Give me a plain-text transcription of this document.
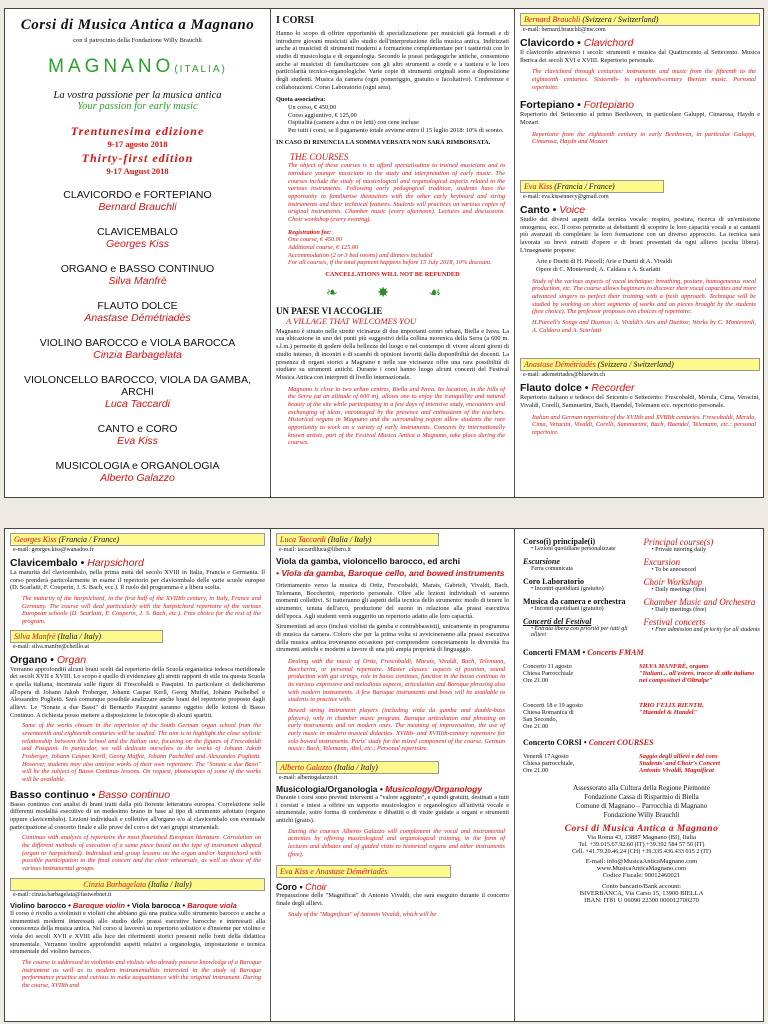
Corsi di Musica Antica a Magnano
con il patrocinio della Fondazione Willy Brauchli
MAGNANO(ITALIA)
La vostra passione per la musica antica
Your passion for early music
Trentunesima edizione
9-17 agosto 2018
Thirty-first edition
9-17 August 2018
CLAVICORDO e FORTEPIANO
Bernard Brauchli
CLAVICEMBALO
Georges Kiss
ORGANO e BASSO CONTINUO
Silva Manfrè
FLAUTO DOLCE
Anastase Démétriadès
VIOLINO BAROCCO e VIOLA BAROCCA
Cinzia Barbagelata
VIOLONCELLO BAROCCO, VIOLA DA GAMBA, ARCHI
Luca Taccardi
CANTO e CORO
Eva Kiss
MUSICOLOGIA e ORGANOLOGIA
Alberto Galazzo
I CORSI
Hanno lo scopo di offrire opportunità di specializzazione per musicisti già formati e di introdurre giovani musicisti allo studio dell'interpretazione della musica antica. Indirizzati anche ai musicisti di strumenti moderni a formazione complementare per i tastieristi con lo studio di musicologia e di organologia. Secondo le prassi pedagogiche antiche, consentono anche ai musicisti di familiarizzare con gli altri strumenti a corde e a tastiera e le loro particolarità tecnico-organologiche. Varie copie di strumenti originali sono a disposizione degli studenti. Musica da camera (ogni pomeriggio, gratuito e facoltativo). Conferenze e collaborazioni. Corso Laboratorio (ogni sera).
Quota associativa:
Un corso, € 450,00
Corso aggiuntivo, € 125,00
Ospitalità (camere a due o tre letti) con cene incluse
Per tutti i corsi, se il pagamento totale avviene entro il 15 luglio 2018: 10% di sconto.
IN CASO DI RINUNCIA LA SOMMA VERSATA NON SARÀ RIMBORSATA.
THE COURSES
The object of these courses is to afford specialisation to trained musicians and to introduce younger musicians to the study and interpretation of early music. The courses include the study of musicological and organological aspects related to the various instruments. Following early pedagogical tradition, students have the opportunity to familiarise themselves with the other early keyboard and string instruments and their technical features. Students will practices on various copies of original instruments. Chamber music (every afternoon). Lectures and discussions. Choir workshop (every evening).
Registration fee:
One course, € 450.00
Additional course, € 125.00
Accommodation (2 or 3 bed rooms) and dinners included
For all courses, if the total payment happens before 15 July 2018, 10% discount.
CANCELLATIONS WILL NOT BE REFUNDED
❧ ✸ ☙
UN PAESE VI ACCOGLIE
A VILLAGE THAT WELCOMES YOU
Magnano è situato nelle strette vicinanze di due importanti centri urbani, Biella e Ivrea. La sua ubicazione in uno dei punti più suggestivi della collina morenica della Serra (a 600 m. s.l.m.) permette di godere della bellezza del luogo e nel contempo di vivere alcuni giorni di studio intenso, di incontri e di scambi di opinioni favoriti dalla disponibilità dei docenti. La presenza di organi storici a Magnano e nelle sue vicinanze offre una rara possibilità di studiare su strumenti antichi. Durante i corsi hanno luogo alcuni concerti del Festival Musica Antica con interpreti di livello internazionale.
Magnano is close to two urban centres, Biella and Ivrea. Its location, in the hills of the Serra (at an altitude of 600 m), allows one to enjoy the tranquillity and natural beauty of the site while participating in a few days of intensive study, encounters and exchanging of ideas, encouraged by the presence and enthusiasm of the teachers. Historical organs in Magnano and the surrounding region allow students the rare opportunity to work on a variety of early instruments. Concerts by internationally known artists, part of the Festival Musica Antica a Magnano, take place during the courses.
Bernard Brauchli (Svizzera / Switzerland)
e-mail: bernard.brauchli@me.com
Clavicordo • Clavichord
Il clavicordo attraverso i secoli: strumenti e musica dal Quattrocento al Settecento. Musica Iberica dei secoli XVI e XVIII. Repertorio personale.
The clavichord through centuries: instruments and music from the fifteenth to the eighteenth centuries. Sixteenth- to eighteenth-century Iberian music. Personal repertoire.
Fortepiano • Fortepiano
Repertorio del Settecento al primo Beethoven, in particolare Galuppi, Cimarosa, Haydn e Mozart
Repertoire from the eighteenth century to early Beethoven, in particular Galuppi, Cimarosa, Haydn and Mozart
Eva Kiss (Francia / France)
e-mail: eva.kissennecy@gmail.com
Canto • Voice
Studio dei diversi aspetti della tecnica vocale: respiro, postura, ricerca di un'emissione omogenea, ecc. Il corso permette ai debuttanti di scoprire le loro capacità vocali e ai cantanti più avanzati di completare la loro formazione con un diverso approccio. La tecnica sarà lavorata su brevi estratti d'opere e di brani presentati da ogni allievo (scelta libera). L'insegnante propone:
Arie e Duetti di H. Purcell; Arie e Duetti di A. Vivaldi
Opere di C. Monteverdi, A. Caldara e A. Scarlatti
Study of the various aspects of vocal technique: breathing, posture, homogeneous vocal production, etc. The course allows beginners to discover their vocal capacities and more advanced singers to perfect their training with a fresh approach. Technique will be studied by working on short segments of works and on pieces brought by the students (free choice). The professor proposes two choices of repertoire:
H.Purcell's Songs and Duettos; A. Vivaldi's Airs and Duettos; Works by C. Monteverdi, A. Caldara and A. Scarlatti
Anastase Démétriadès (Svizzera / Switzerland)
e-mail: ademetriades@bluewin.ch
Flauto dolce • Recorder
Repertorio italiano e tedesco del Seicento e Settecento: Frescobaldi, Merula, Cima, Veracini, Vivaldi, Corelli, Sammartini, Bach, Haendel, Telemann ecc. repertorio personale.
Italian and German repertoire of the XVIIth and XVIIIth centuries. Frescobaldi, Merula, Cima, Veracini, Vivaldi, Corelli, Sammartini, Bach, Haendel, Telemann, etc.: personal repertoire.
Georges Kiss (Francia / France)
e-mail: georges.kiss@wanadoo.fr
Clavicembalo • Harpsichord
La maturità del clavicembalo, nella prima metà del secolo XVIII in Italia, Francia e Germania. Il corso prenderà particolarmente in esame il repertorio per clavicembalo delle varie scuole europee (D. Scarlatti, F. Couperin, J. S. Bach, ecc.). Il ruolo del programma è a libera scelta.
The maturity of the harpsichord, in the first half of the XVIIIth century, in Italy, France and Germany. The course will deal particularly with the harpsichord repertoire of the various European schools (D. Scarlatti, F. Couperin, J. S. Bach, etc.). Free choice for the rest of the program.
Silva Manfrè (Italia / Italy)
e-mail: silva.manfre@cheillo.at
Organo • Organ
Verranno approfonditi alcuni brani scelti dal repertorio della Scuola organistica tedesca meridionale dei secoli XVII e XVIII. Lo scopo è quello di evidenziare gli stretti rapporti di stile tra questa Scuola e quella italiana, incentrata sulle figure di Frescobaldi e Pasquini. In particolare ci dedicheremo all'opera di Johann Jakob Froberger, Johann Caspar Kerll, Georg Muffat, Johann Pachelbel e Alessandro Poglietti. Sarà comunque possibile analizzare anche brani del repertorio proposto dagli allievi. Le "Sonate a due Bassi" di Bernardo Pasquini saranno oggetto delle lezioni di Basso Continuo. A richiesta posso mettere a disposizione le fotocopie di alcuni spartiti.
Some of the works chosen in the repertoire of the South German organ school from the seventeenth and eighteenth centuries will be studied. The aim is to highlight the close stylistic relationship between this School and the Italian one, focusing on the figures of Frescobaldi and Pasquini. In particular, we will dedicate ourselves to the works of Johann Jakob Froberger, Johann Caspar Kerll, Georg Muffat, Johann Pachelbel and Alessandro Poglietti. However, students may also analyse works of their own repertoire. The "Sonate a due Bassi" will be the subject of Basso Continuo lessons. On request, photocopies of some of the works will be available.
Basso continuo • Basso continuo
Basso continuo con analisi di brani tratti dalla più fiorente letteratura europea. Correlazione sulle differenti modalità esecutive di un medesimo brano in base al tipo di strumento adottato (organo oppure clavicembalo). Lezioni individuali e collettive all'organo e/o al clavicembalo con eventuale partecipazione al concerto finale e alle prove del coro e dei vari gruppi strumentali.
Continuo with analysis of repertoire the most flourished European literature. Correlation on the different methods of execution of a same piece based on the type of instrument adopted (organ or harpsichord). Individual and group lessons on the organ and/or harpsichord with possible participation to the final concert and the choir rehearsals, as well as those of the various instrumental groups.
Cinzia Barbagelata (Italia / Italy)
e-mail: cinzia.barbagelata@fastwebnet.it
Violino barocco • Baroque violin • Viola barocca • Baroque viola
Il corso è rivolto a violinisti e violisti che abbiano già una pratica sullo strumento barocco e anche a strumentisti moderni interessati allo studio delle prassi esecutive barocche e interessati alla conoscenza della musica antica. Nel corso si lavorerà su repertorio solistico e d'insieme per violino e viola dei secoli XVII e XVIII alla luce dei riferimenti storici presenti nelle fonti della didattica strumentale. Verranno inoltre approfonditi aspetti relativi a organologia, impostazione e tecnica strumentale del violino barocco.
The course is addressed to violinists and violists who already possess knowledge of a Baroque instrument as well as to modern instrumentalists interested in the study of Baroque performance practice and curious to make acquaintance with the original instrument. During the course, XVIIth and
Luca Taccardi (Italia / Italy)
e-mail: taccardiluca@libero.it
Viola da gamba, violoncello barocco, ed archi
• Viola da gamba, Baroque cello, and bowed instruments
Orientamento verso la musica di Ortiz, Frescobaldi, Marais, Gabrieli, Vivaldi, Bach, Telemann, Boccherini, repertorio personale. Oltre alle lezioni individuali vi saranno momenti collettivi. Si tratteranno gli aspetti della tecnica dello strumento: modo di tenere lo strumento, tenuta dell'arco, produzione del suono in relazione alla prassi esecutiva dell'epoca. Agli studenti verrà suggerito un repertorio adatto alle loro capacità.
Strumentisti ad arco (inclusi violisti da gamba e contrabbassisti), unicamente in programma di musica da camera. Coloro che per la prima volta si avvicineranno alla prassi esecutiva della musica antica troveranno occasione per comprendere concretamente le diversità fra strumenti antichi e moderni a favore di una più ampia proprietà di linguaggio.
Dealing with the music of Ortiz, Frescobaldi, Marais, Vivaldi, Bach, Telemann, Boccherini, or personal repertoire. Master classes: aspects of position, sound production with gut strings, role in basso continuo, function in the basso continuo in its various expressive and melodious aspects, articulation and Baroque phrasing also with modern instruments. A few Baroque instruments and bows will be available to students to practice with.
Bowed string instrument players (including viola da gamba and double-bass players), only in chamber music program. Baroque articulation and phrasing on early instruments and on modern ones. The meaning of improvisation, the use of early music in modern musical didactics. XVIIth- and XVIIIth-century repertoire for solo bowed instruments. Parts' study for the mixed component of the course. German music: Bach, Telemann, Abel, etc.; Personal repertoire.
Alberto Galazzo (Italia / Italy)
e-mail: albertogalazzo.it
Musicologia/Organologia • Musicology/Organology
Durante i corsi sono previsti interventi a "valore aggiunto", e quindi gratuiti, destinati a tutti i corsisti e intesi a offrire un supporto musicologico e organologico all'attività vocale e strumentale, sotto forma di conferenze e dibattiti o di visite guidate a organi e strumenti antichi (gratis).
During the courses Alberto Galazzo will complement the vocal and instrumental activities by offering musicological and organological training, in the form of lectures and debates and of guided visits to historical organs and other instruments (free).
Eva Kiss e Anastase Démétriadès
Coro • Choir
Preparazione delle "Magnificat" di Antonio Vivaldi, che sarà eseguito durante il concerto finale degli allievi.
Study of the "Magnificat" of Antonio Vivaldi, which will be
Corso(i) principale(i)
• Lezioni quotidiane personalizzate
Principal course(s)
• Private tutoring daily
Escursione
Ferra comunicata
Excursion
• To be announced
Coro Laboratorio
• Incontri quotidiani (gratuito)
Choir Workshop
• Daily meetings (free)
Musica da camera e orchestra
• Incontri quotidiani (gratuito)
Chamber Music and Orchestra
• Daily meetings (free)
Concerti del Festival
• Entrata libera con priorità per tutti gli allievi
Festival concerts
• Free admission and priority for all students
Concerti FMAM • Concerts FMAM
Concerto 11 agosto
Chiesa Parrocchiale
Ore 21.00
SILVA MANFRÈ, organo
"Italiani... all'estero, tracce di stile italiano nei compositori d'Oltralpe"
Concerti 18 e 19 agosto
Chiesa Romanica di
San Secondo,
Ore 21.00
TRIO FELIX RIENTH,
"Haendel & Handel"
Concerto CORSI • Concert COURSES
Venerdì 17Agosto
Chiesa parrocchiale,
Ore 21.00
Saggio degli allievi e del coro
Students' and Choir's Concert
Antonio Vivaldi, Magnificat
Assessorato alla Cultura della Regione Piemonte
Fondazione Cassa di Risparmio di Biella
Comune di Magnano – Parrocchia di Magnano
Fondazione Willy Brauchli
Corsi di Musica Antica a Magnano
Via Roma 43, 13887 Magnano (BI), Italia
Tel. +39.015.67.92.60 (IT) +39.392 584 57 50 (IT)
Cell. +41.79.20.46.24 (CH) +39.335.436.433 015 2 (IT)
E-mail: info@MusicaAnticaMagnano.com
www.MusicaAnticaMagnano.com
Codice Fiscale: 90012460021
Conto bancario/Bank account:
BIVERBANCA, Via Carso 15, 13900 BIELLA
IBAN: IT81 U 06090 22300 000012700270
